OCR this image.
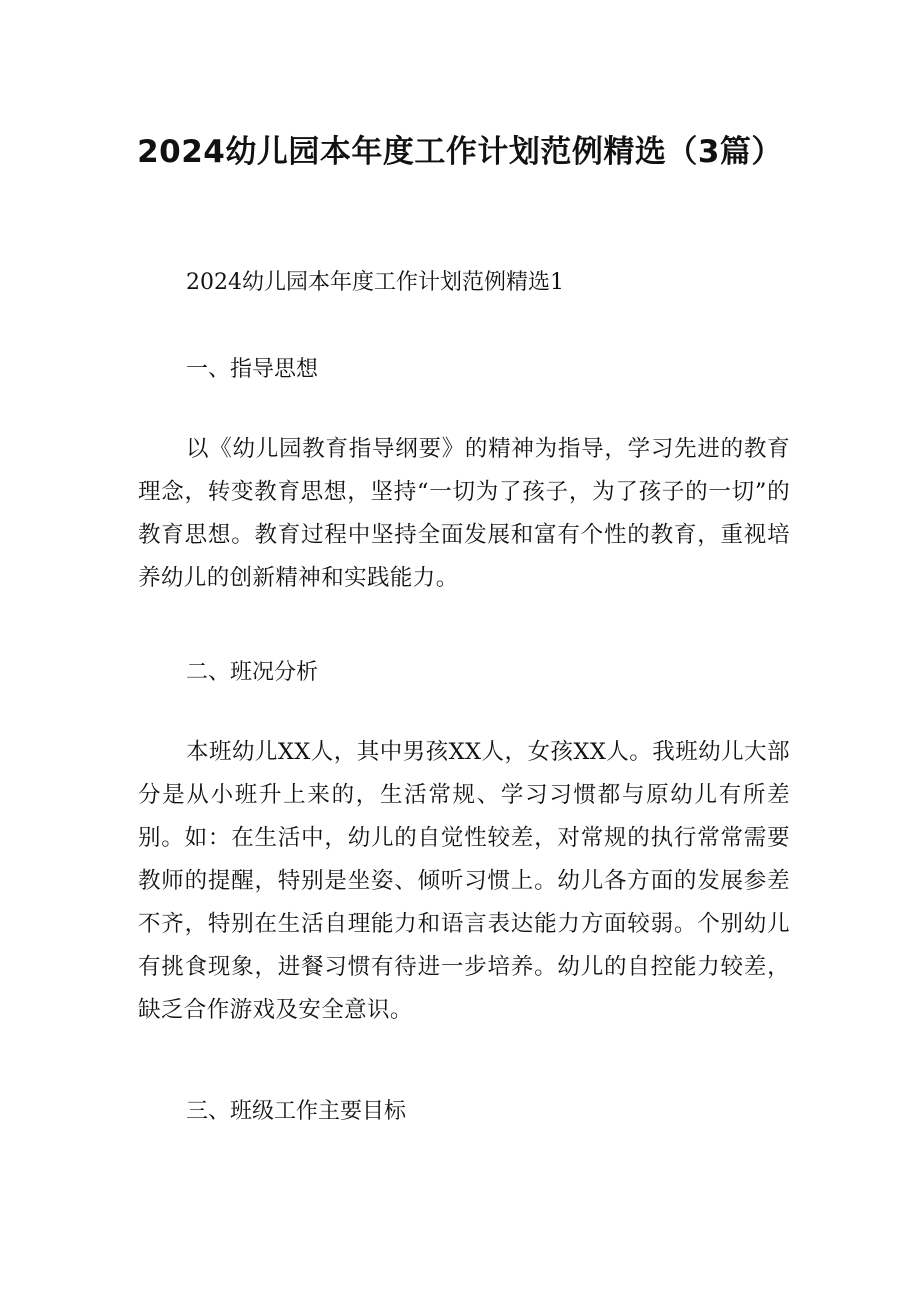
2024幼儿园本年度工作计划范例精选（3篇）

2024幼儿园本年度工作计划范例精选1

一、指导思想

以《幼儿园教育指导纲要》的精神为指导，学习先进的教育理念，转变教育思想，坚持“一切为了孩子，为了孩子的一切”的教育思想。教育过程中坚持全面发展和富有个性的教育，重视培养幼儿的创新精神和实践能力。

二、班况分析

本班幼儿XX人，其中男孩XX人，女孩XX人。我班幼儿大部分是从小班升上来的，生活常规、学习习惯都与原幼儿有所差别。如：在生活中，幼儿的自觉性较差，对常规的执行常常需要教师的提醒，特别是坐姿、倾听习惯上。幼儿各方面的发展参差不齐，特别在生活自理能力和语言表达能力方面较弱。个别幼儿有挑食现象，进餐习惯有待进一步培养。幼儿的自控能力较差，缺乏合作游戏及安全意识。

三、班级工作主要目标
